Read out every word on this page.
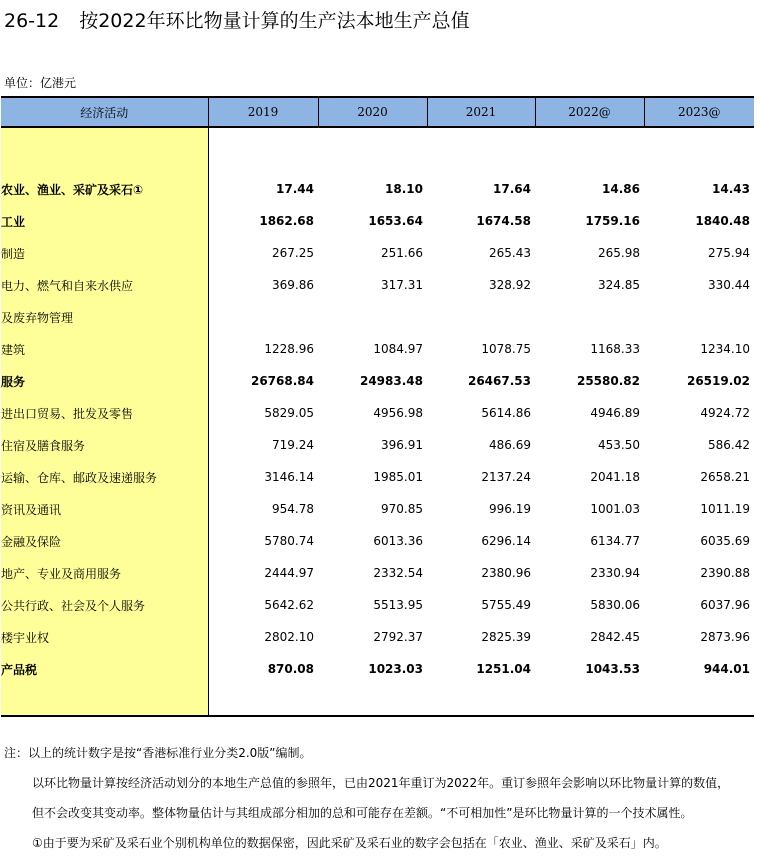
26-12 按2022年环比物量计算的生产法本地生产总值
单位：亿港元
经济活动	2019	2020	2021	2022@	2023@

农业、渔业、采矿及采石①	17.44	18.10	17.64	14.86	14.43
工业	1862.68	1653.64	1674.58	1759.16	1840.48
制造	267.25	251.66	265.43	265.98	275.94
电力、燃气和自来水供应	369.86	317.31	328.92	324.85	330.44
及废弃物管理					
建筑	1228.96	1084.97	1078.75	1168.33	1234.10
服务	26768.84	24983.48	26467.53	25580.82	26519.02
进出口贸易、批发及零售	5829.05	4956.98	5614.86	4946.89	4924.72
住宿及膳食服务	719.24	396.91	486.69	453.50	586.42
运输、仓库、邮政及速递服务	3146.14	1985.01	2137.24	2041.18	2658.21
资讯及通讯	954.78	970.85	996.19	1001.03	1011.19
金融及保险	5780.74	6013.36	6296.14	6134.77	6035.69
地产、专业及商用服务	2444.97	2332.54	2380.96	2330.94	2390.88
公共行政、社会及个人服务	5642.62	5513.95	5755.49	5830.06	6037.96
楼宇业权	2802.10	2792.37	2825.39	2842.45	2873.96
产品税	870.08	1023.03	1251.04	1043.53	944.01

注：以上的统计数字是按“香港标准行业分类2.0版”编制。
以环比物量计算按经济活动划分的本地生产总值的参照年，已由2021年重订为2022年。重订参照年会影响以环比物量计算的数值，
但不会改变其变动率。整体物量估计与其组成部分相加的总和可能存在差额。“不可相加性”是环比物量计算的一个技术属性。
①由于要为采矿及采石业个别机构单位的数据保密，因此采矿及采石业的数字会包括在「农业、渔业、采矿及采石」内。
